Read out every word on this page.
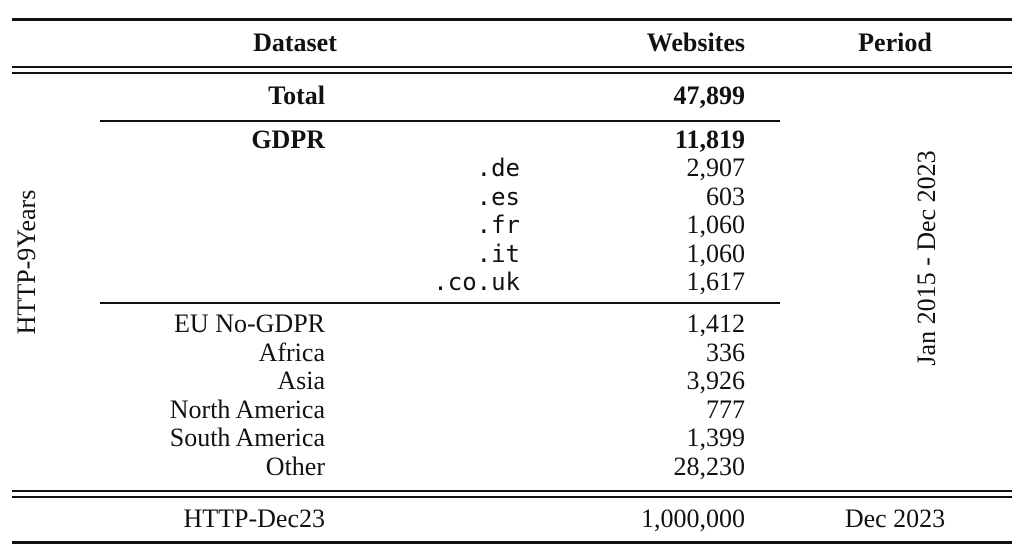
Dataset	Websites	Period
HTTP-9Years	Jan 2015 - Dec 2023
Total	47,899
GDPR	11,819
.de	2,907
.es	603
.fr	1,060
.it	1,060
.co.uk	1,617
EU No-GDPR	1,412
Africa	336
Asia	3,926
North America	777
South America	1,399
Other	28,230
HTTP-Dec23	1,000,000	Dec 2023
